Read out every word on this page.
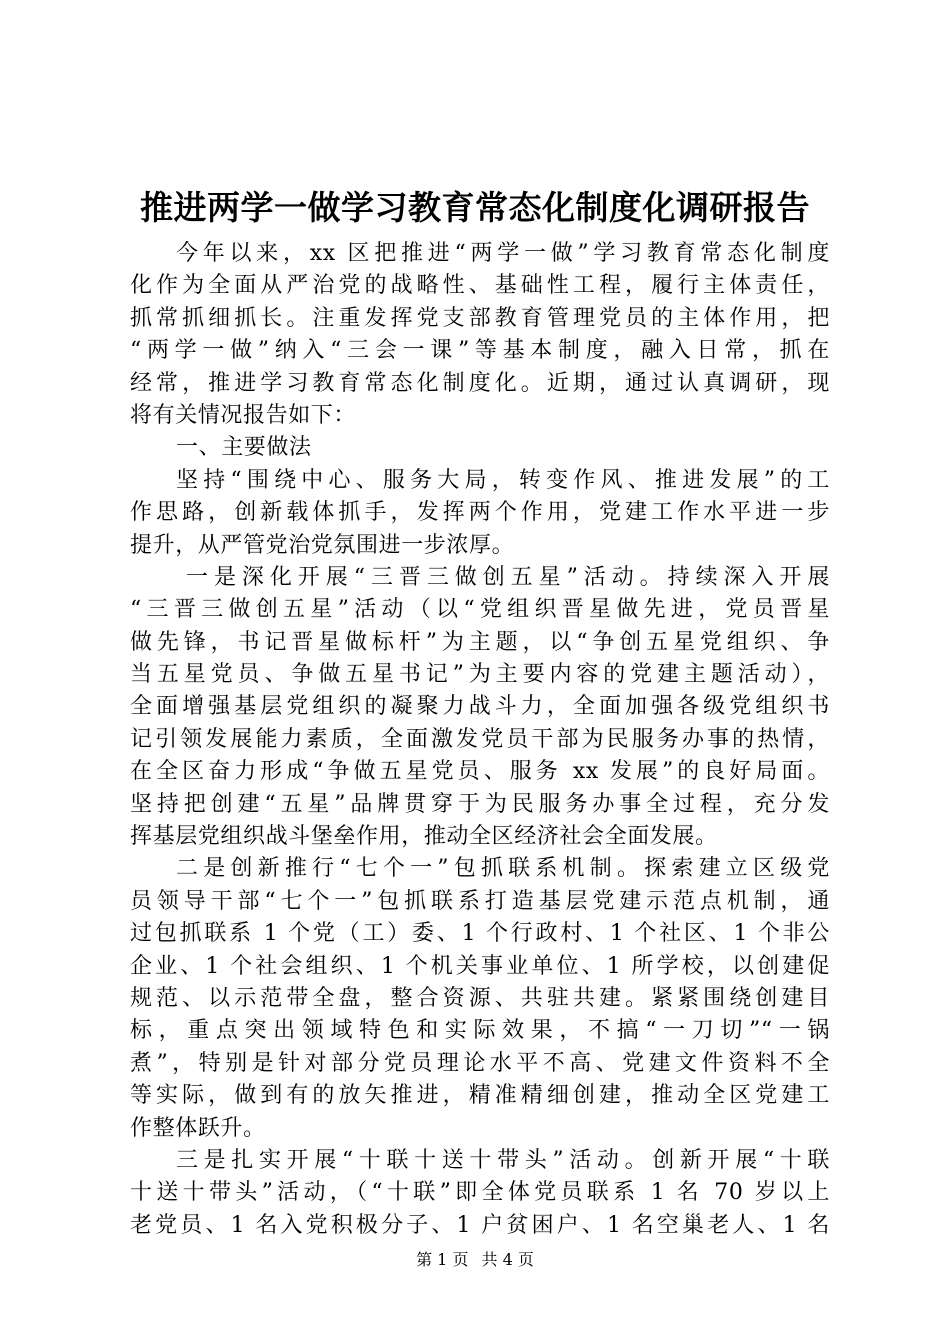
推进两学一做学习教育常态化制度化调研报告
今年以来，xx 区把推进“两学一做”学习教育常态化制度
化作为全面从严治党的战略性、基础性工程，履行主体责任，
抓常抓细抓长。注重发挥党支部教育管理党员的主体作用，把
“两学一做”纳入“三会一课”等基本制度，融入日常，抓在
经常，推进学习教育常态化制度化。近期，通过认真调研，现
将有关情况报告如下：
一、主要做法
坚持“围绕中心、服务大局，转变作风、推进发展”的工
作思路，创新载体抓手，发挥两个作用，党建工作水平进一步
提升，从严管党治党氛围进一步浓厚。
一是深化开展“三晋三做创五星”活动。持续深入开展
“三晋三做创五星”活动（以“党组织晋星做先进，党员晋星
做先锋，书记晋星做标杆”为主题，以“争创五星党组织、争
当五星党员、争做五星书记”为主要内容的党建主题活动），
全面增强基层党组织的凝聚力战斗力，全面加强各级党组织书
记引领发展能力素质，全面激发党员干部为民服务办事的热情，
在全区奋力形成“争做五星党员、服务 xx 发展”的良好局面。
坚持把创建“五星”品牌贯穿于为民服务办事全过程，充分发
挥基层党组织战斗堡垒作用，推动全区经济社会全面发展。
二是创新推行“七个一”包抓联系机制。探索建立区级党
员领导干部“七个一”包抓联系打造基层党建示范点机制，通
过包抓联系 1 个党（工）委、1 个行政村、1 个社区、1 个非公
企业、1 个社会组织、1 个机关事业单位、1 所学校，以创建促
规范、以示范带全盘，整合资源、共驻共建。紧紧围绕创建目
标，重点突出领域特色和实际效果，不搞“一刀切”“一锅
煮”，特别是针对部分党员理论水平不高、党建文件资料不全
等实际，做到有的放矢推进，精准精细创建，推动全区党建工
作整体跃升。
三是扎实开展“十联十送十带头”活动。创新开展“十联
十送十带头”活动，（“十联”即全体党员联系 1 名 70 岁以上
老党员、1 名入党积极分子、1 户贫困户、1 名空巢老人、1 名
第 1 页 共 4 页
